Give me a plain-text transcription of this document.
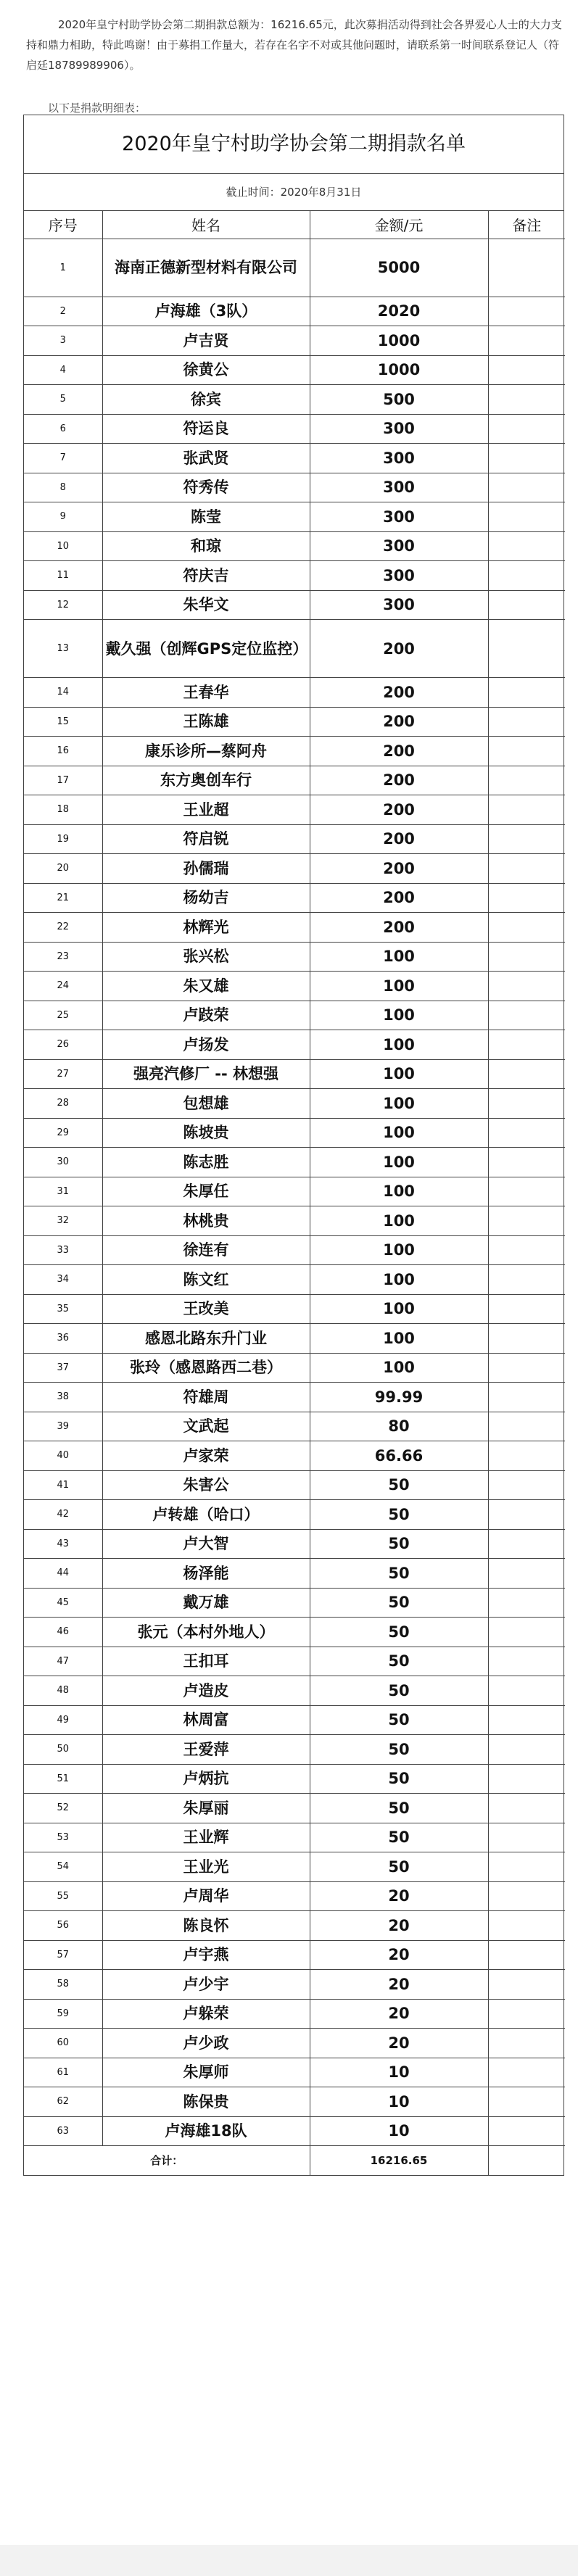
2020年皇宁村助学协会第二期捐款总额为：16216.65元，此次募捐活动得到社会各界爱心人士的大力支持和鼎力相助，特此鸣谢！由于募捐工作量大，若存在名字不对或其他问题时，请联系第一时间联系登记人（符启廷18789989906）。

以下是捐款明细表：

2020年皇宁村助学协会第二期捐款名单
截止时间：2020年8月31日
序号	姓名	金额/元	备注
1	海南正德新型材料有限公司	5000	
2	卢海雄（3队）	2020	
3	卢吉贤	1000	
4	徐黄公	1000	
5	徐宾	500	
6	符运良	300	
7	张武贤	300	
8	符秀传	300	
9	陈莹	300	
10	和琼	300	
11	符庆吉	300	
12	朱华文	300	
13	戴久强（创辉GPS定位监控）	200	
14	王春华	200	
15	王陈雄	200	
16	康乐诊所—蔡阿舟	200	
17	东方奥创车行	200	
18	王业超	200	
19	符启锐	200	
20	孙儒瑞	200	
21	杨幼吉	200	
22	林辉光	200	
23	张兴松	100	
24	朱又雄	100	
25	卢跂荣	100	
26	卢扬发	100	
27	强亮汽修厂 -- 林想强	100	
28	包想雄	100	
29	陈坡贵	100	
30	陈志胜	100	
31	朱厚任	100	
32	林桃贵	100	
33	徐连有	100	
34	陈文红	100	
35	王改美	100	
36	感恩北路东升门业	100	
37	张玲（感恩路西二巷）	100	
38	符雄周	99.99	
39	文武起	80	
40	卢家荣	66.66	
41	朱害公	50	
42	卢转雄（哈口）	50	
43	卢大智	50	
44	杨泽能	50	
45	戴万雄	50	
46	张元（本村外地人）	50	
47	王扣耳	50	
48	卢造皮	50	
49	林周富	50	
50	王爱萍	50	
51	卢炳抗	50	
52	朱厚丽	50	
53	王业辉	50	
54	王业光	50	
55	卢周华	20	
56	陈良怀	20	
57	卢宇燕	20	
58	卢少宇	20	
59	卢躲荣	20	
60	卢少政	20	
61	朱厚师	10	
62	陈保贵	10	
63	卢海雄18队	10	
合计：		16216.65	
